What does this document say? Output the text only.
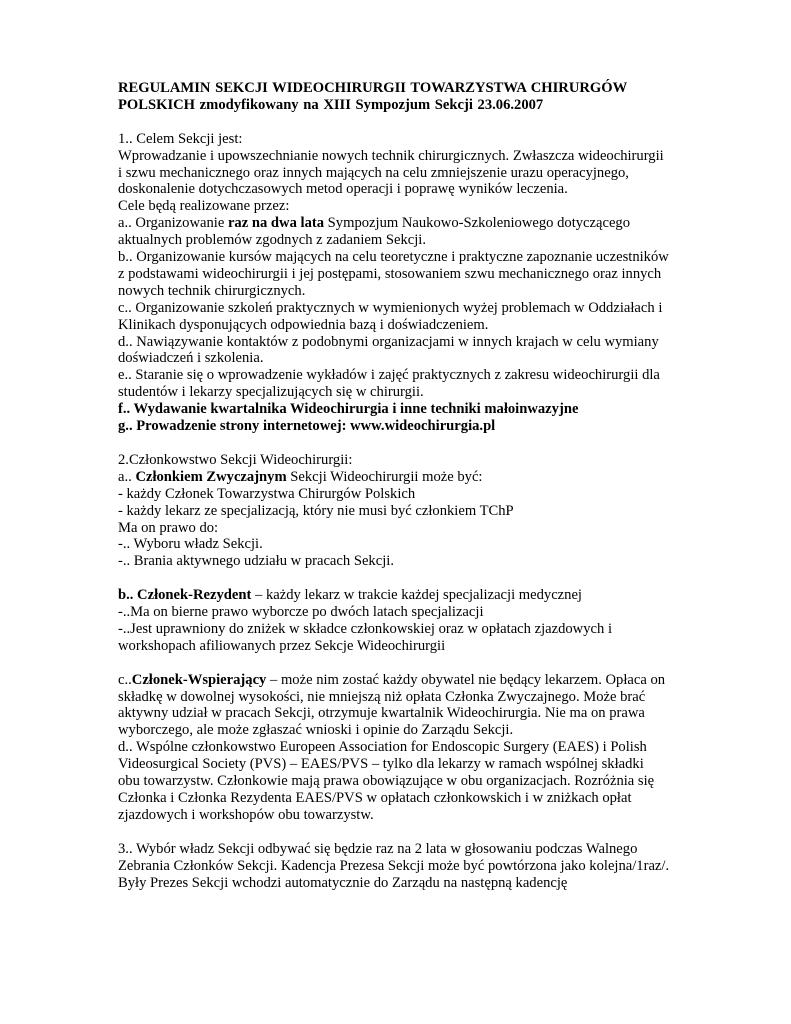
REGULAMIN SEKCJI WIDEOCHIRURGII TOWARZYSTWA CHIRURGÓW
POLSKICH zmodyfikowany na XIII Sympozjum Sekcji 23.06.2007
1.. Celem Sekcji jest:
Wprowadzanie i upowszechnianie nowych technik chirurgicznych. Zwłaszcza wideochirurgii
i szwu mechanicznego oraz innych mających na celu zmniejszenie urazu operacyjnego,
doskonalenie dotychczasowych metod operacji i poprawę wyników leczenia.
Cele będą realizowane przez:
a.. Organizowanie raz na dwa lata Sympozjum Naukowo-Szkoleniowego dotyczącego
aktualnych problemów zgodnych z zadaniem Sekcji.
b.. Organizowanie kursów mających na celu teoretyczne i praktyczne zapoznanie uczestników
z podstawami wideochirurgii i jej postępami, stosowaniem szwu mechanicznego oraz innych
nowych technik chirurgicznych.
c.. Organizowanie szkoleń praktycznych w wymienionych wyżej problemach w Oddziałach i
Klinikach dysponujących odpowiednia bazą i doświadczeniem.
d.. Nawiązywanie kontaktów z podobnymi organizacjami w innych krajach w celu wymiany
doświadczeń i szkolenia.
e.. Staranie się o wprowadzenie wykładów i zajęć praktycznych z zakresu wideochirurgii dla
studentów i lekarzy specjalizujących się w chirurgii.
f.. Wydawanie kwartalnika Wideochirurgia i inne techniki małoinwazyjne
g.. Prowadzenie strony internetowej: www.wideochirurgia.pl
2.Członkowstwo Sekcji Wideochirurgii:
a.. Członkiem Zwyczajnym Sekcji Wideochirurgii może być:
- każdy Członek Towarzystwa Chirurgów Polskich
- każdy lekarz ze specjalizacją, który nie musi być członkiem TChP
Ma on prawo do:
-.. Wyboru władz Sekcji.
-.. Brania aktywnego udziału w pracach Sekcji.
b.. Członek-Rezydent – każdy lekarz w trakcie każdej specjalizacji medycznej
-..Ma on bierne prawo wyborcze po dwóch latach specjalizacji
-..Jest uprawniony do zniżek w składce członkowskiej oraz w opłatach zjazdowych i
workshopach afiliowanych przez Sekcje Wideochirurgii
c..Członek-Wspierający – może nim zostać każdy obywatel nie będący lekarzem. Opłaca on
składkę w dowolnej wysokości, nie mniejszą niż opłata Członka Zwyczajnego. Może brać
aktywny udział w pracach Sekcji, otrzymuje kwartalnik Wideochirurgia. Nie ma on prawa
wyborczego, ale może zgłaszać wnioski i opinie do Zarządu Sekcji.
d.. Wspólne członkowstwo Europeen Association for Endoscopic Surgery (EAES) i Polish
Videosurgical Society (PVS) – EAES/PVS – tylko dla lekarzy w ramach wspólnej składki
obu towarzystw. Członkowie mają prawa obowiązujące w obu organizacjach. Rozróżnia się
Członka i Członka Rezydenta EAES/PVS w opłatach członkowskich i w zniżkach opłat
zjazdowych i workshopów obu towarzystw.
3.. Wybór władz Sekcji odbywać się będzie raz na 2 lata w głosowaniu podczas Walnego
Zebrania Członków Sekcji. Kadencja Prezesa Sekcji może być powtórzona jako kolejna/1raz/.
Były Prezes Sekcji wchodzi automatycznie do Zarządu na następną kadencję
